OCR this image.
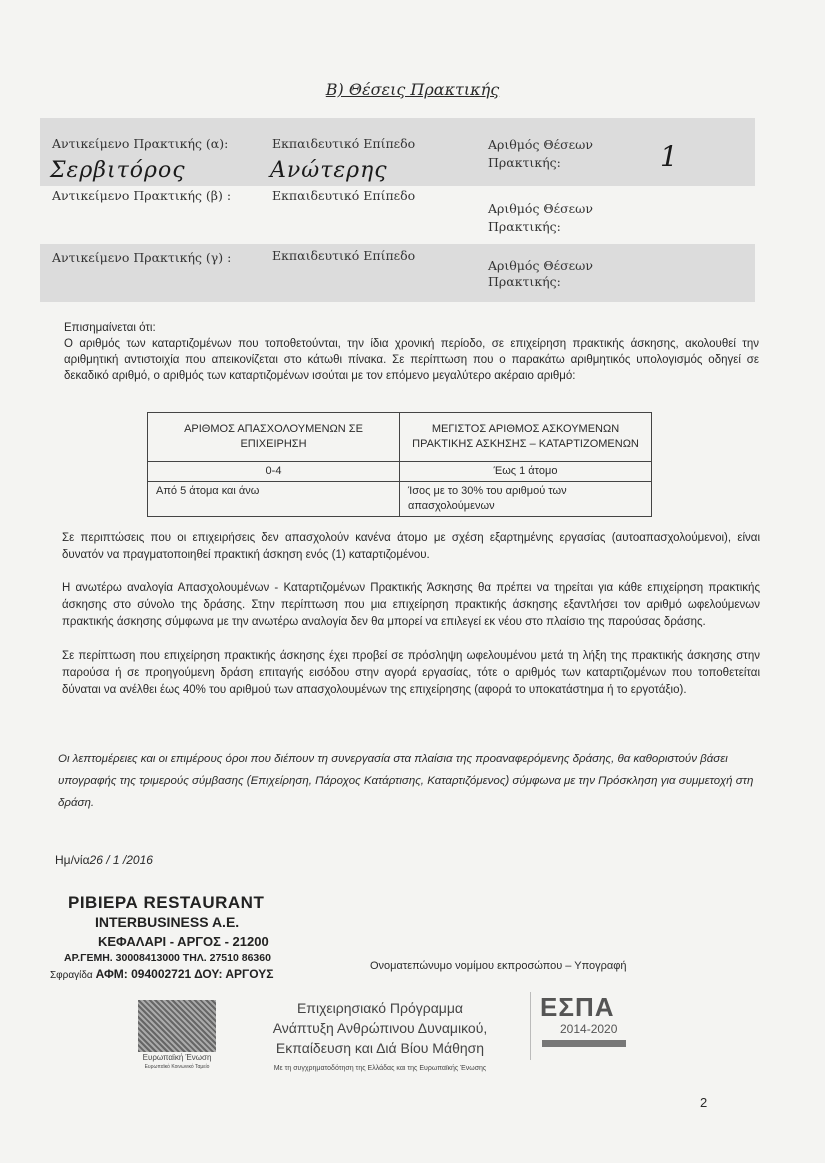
Β) Θέσεις Πρακτικής
Αντικείμενο Πρακτικής (α):	Εκπαιδευτικό Επίπεδο	Αριθμός Θέσεων Πρακτικής:
Σερβιτόρος	Ανώτερης	1
Αντικείμενο Πρακτικής (β) :	Εκπαιδευτικό Επίπεδο
Αριθμός Θέσεων Πρακτικής:
Αντικείμενο Πρακτικής (γ) :	Εκπαιδευτικό Επίπεδο
Αριθμός Θέσεων Πρακτικής:
Επισημαίνεται ότι:
Ο αριθμός των καταρτιζομένων που τοποθετούνται, την ίδια χρονική περίοδο, σε επιχείρηση πρακτικής άσκησης, ακολουθεί την αριθμητική αντιστοιχία που απεικονίζεται στο κάτωθι πίνακα. Σε περίπτωση που ο παρακάτω αριθμητικός υπολογισμός οδηγεί σε δεκαδικό αριθμό, ο αριθμός των καταρτιζομένων ισούται με τον επόμενο μεγαλύτερο ακέραιο αριθμό:
ΑΡΙΘΜΟΣ ΑΠΑΣΧΟΛΟΥΜΕΝΩΝ ΣΕ ΕΠΙΧΕΙΡΗΣΗ	ΜΕΓΙΣΤΟΣ ΑΡΙΘΜΟΣ ΑΣΚΟΥΜΕΝΩΝ ΠΡΑΚΤΙΚΗΣ ΑΣΚΗΣΗΣ – ΚΑΤΑΡΤΙΖΟΜΕΝΩΝ
0-4	Έως 1 άτομο
Από 5 άτομα και άνω	Ίσος με το 30% του αριθμού των απασχολούμενων
Σε περιπτώσεις που οι επιχειρήσεις δεν απασχολούν κανένα άτομο με σχέση εξαρτημένης εργασίας (αυτοαπασχολούμενοι), είναι δυνατόν να πραγματοποιηθεί πρακτική άσκηση ενός (1) καταρτιζομένου.
Η ανωτέρω αναλογία Απασχολουμένων - Καταρτιζομένων Πρακτικής Άσκησης θα πρέπει να τηρείται για κάθε επιχείρηση πρακτικής άσκησης στο σύνολο της δράσης. Στην περίπτωση που μια επιχείρηση πρακτικής άσκησης εξαντλήσει τον αριθμό ωφελούμενων πρακτικής άσκησης σύμφωνα με την ανωτέρω αναλογία δεν θα μπορεί να επιλεγεί εκ νέου στο πλαίσιο της παρούσας δράσης.
Σε περίπτωση που επιχείρηση πρακτικής άσκησης έχει προβεί σε πρόσληψη ωφελουμένου μετά τη λήξη της πρακτικής άσκησης στην παρούσα ή σε προηγούμενη δράση επιταγής εισόδου στην αγορά εργασίας, τότε ο αριθμός των καταρτιζομένων που τοποθετείται δύναται να ανέλθει έως 40% του αριθμού των απασχολουμένων της επιχείρησης (αφορά το υποκατάστημα ή το εργοτάξιο).
Οι λεπτομέρειες και οι επιμέρους όροι που διέπουν τη συνεργασία στα πλαίσια της προαναφερόμενης δράσης, θα καθοριστούν βάσει υπογραφής της τριμερούς σύμβασης (Επιχείρηση, Πάροχος Κατάρτισης, Καταρτιζόμενος) σύμφωνα με την Πρόσκληση για συμμετοχή στη δράση.
Ημ/νία26 / 1 /2016
ΡΙΒΙΕΡΑ RESTAURANT
INTERBUSINESS A.E.
ΚΕΦΑΛΑΡΙ - ΑΡΓΟΣ - 21200
ΑΡ.ΓΕΜΗ. 30008413000 ΤΗΛ. 27510 86360
Σφραγίδα ΑΦΜ: 094002721 ΔΟΥ: ΑΡΓΟΥΣ
Ονοματεπώνυμο νομίμου εκπροσώπου – Υπογραφή
Ευρωπαϊκή Ένωση
Ευρωπαϊκό Κοινωνικό Ταμείο
Επιχειρησιακό Πρόγραμμα
Ανάπτυξη Ανθρώπινου Δυναμικού,
Εκπαίδευση και Διά Βίου Μάθηση
Με τη συγχρηματοδότηση της Ελλάδας και της Ευρωπαϊκής Ένωσης
ΕΣΠΑ
2014-2020
2
